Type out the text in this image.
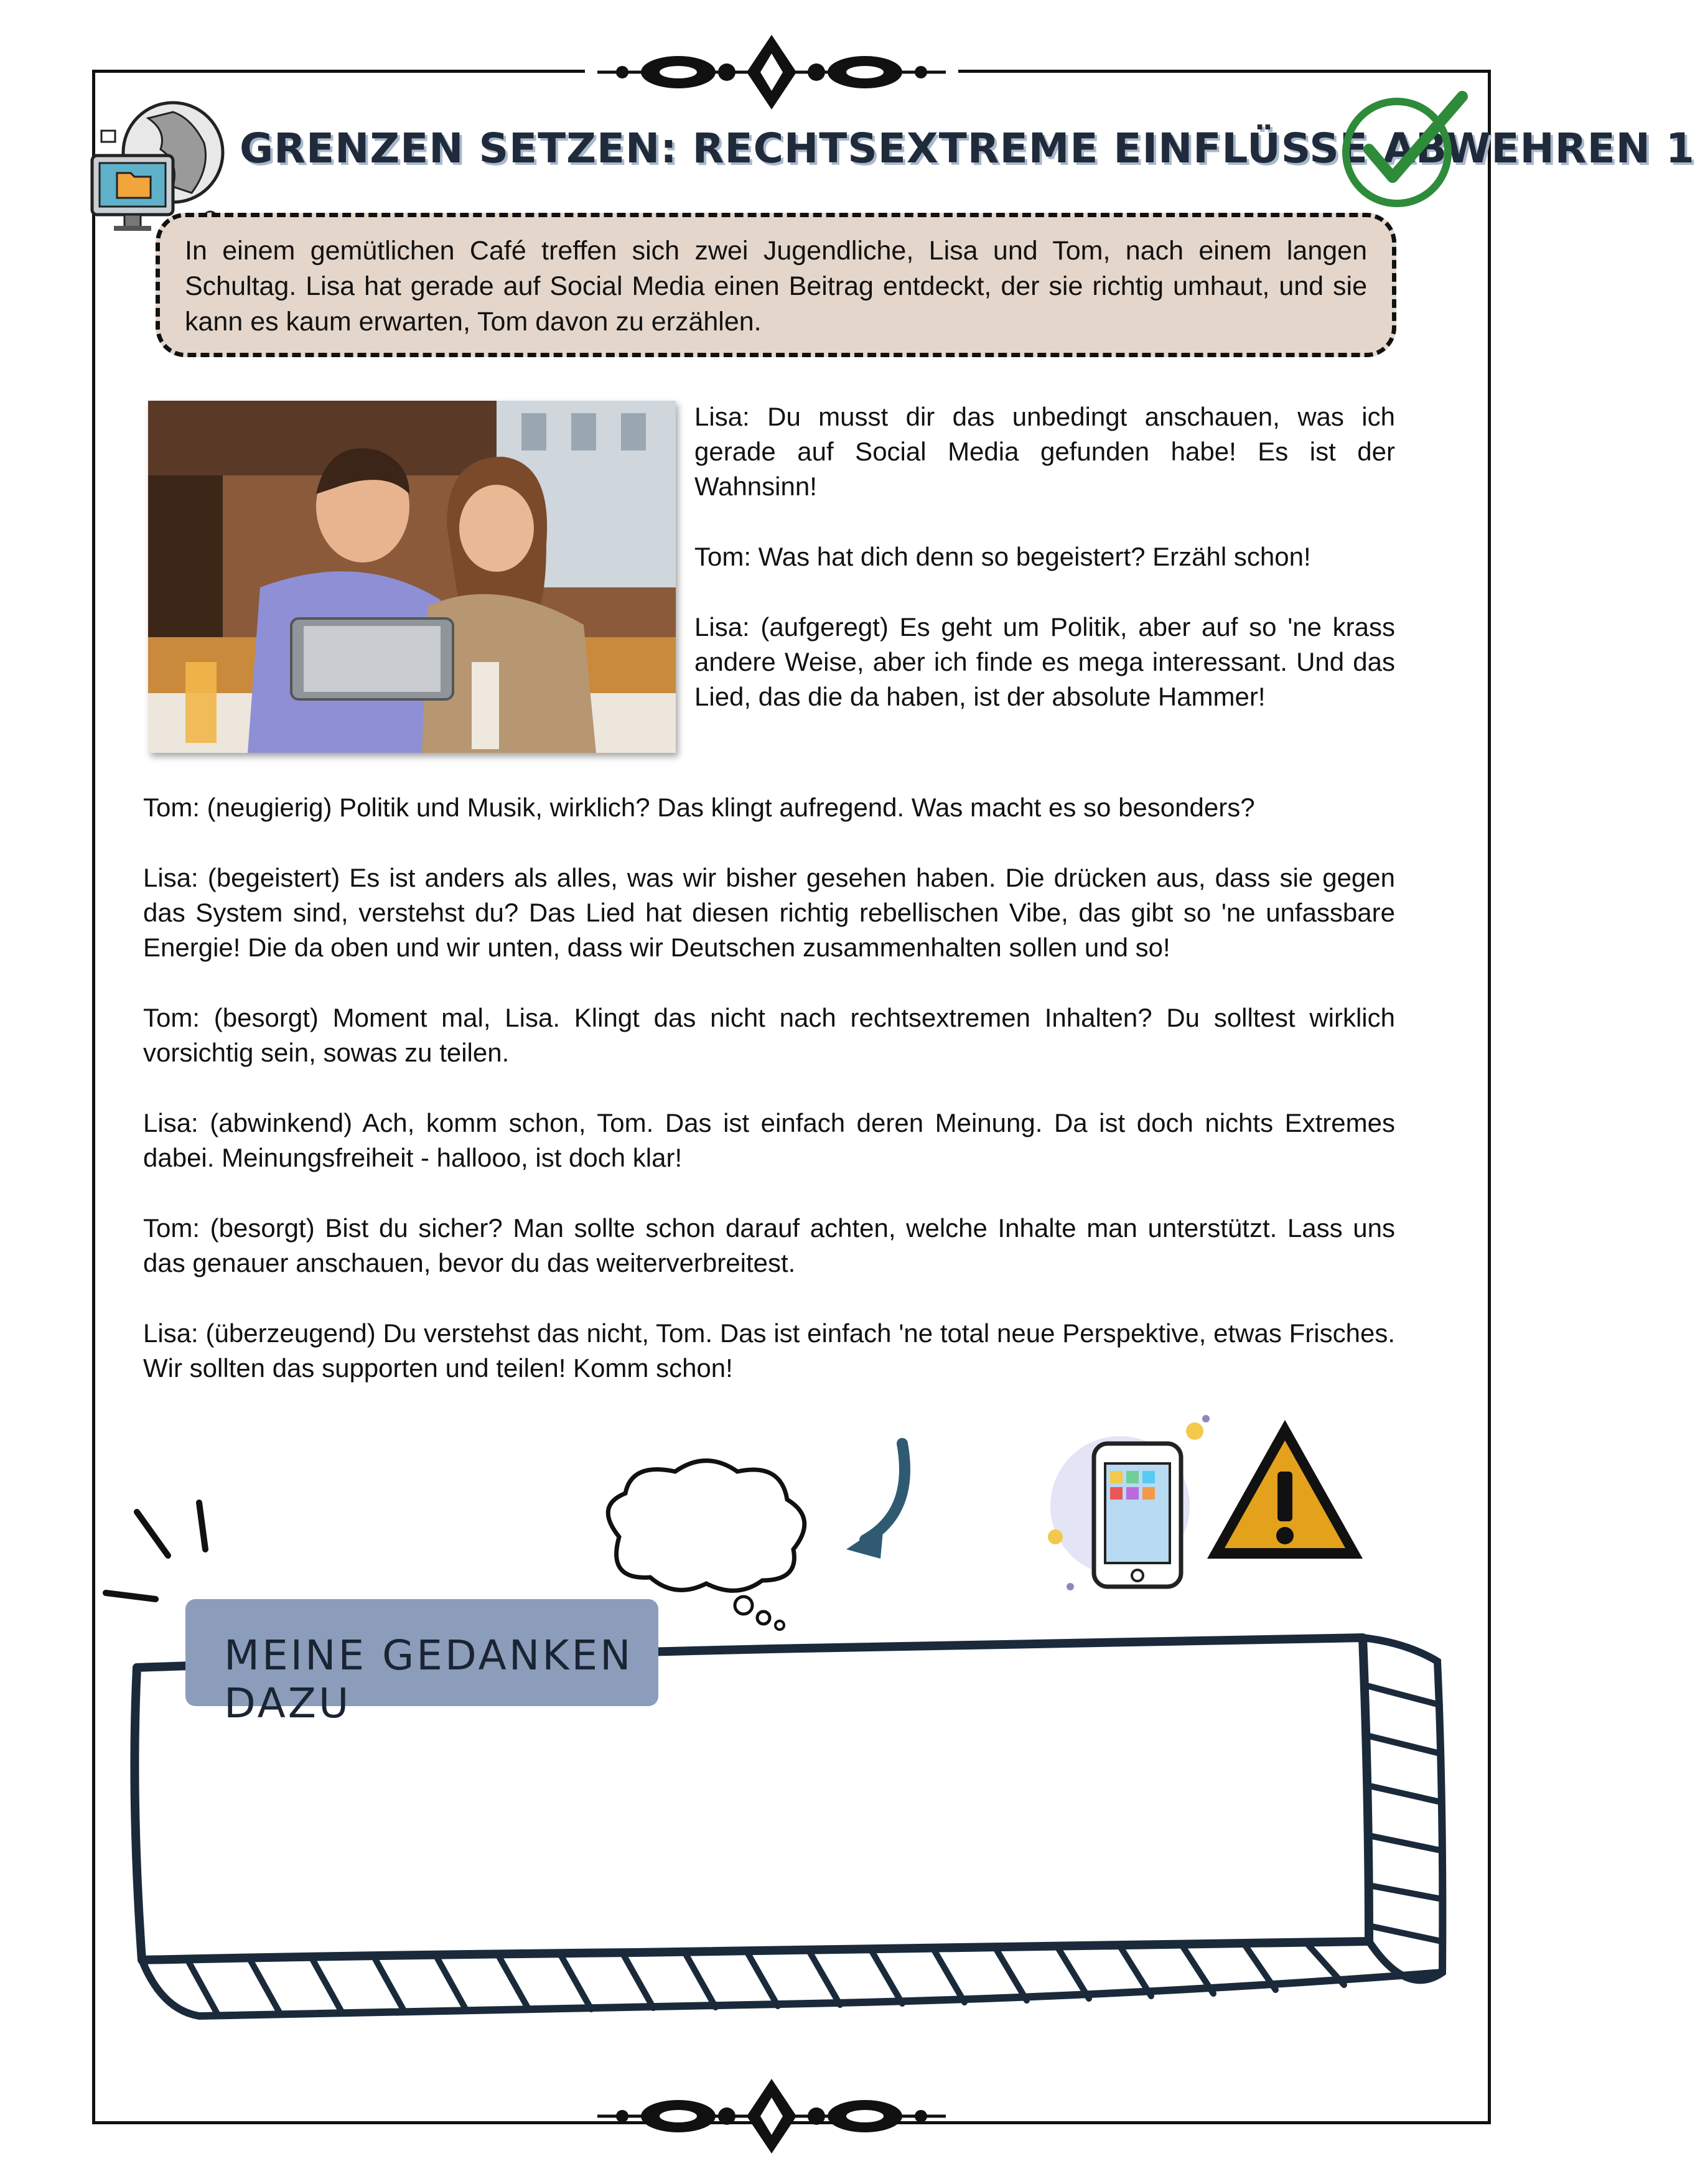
GRENZEN SETZEN: RECHTSEXTREME EINFLÜSSE ABWEHREN 1
In einem gemütlichen Café treffen sich zwei Jugendliche, Lisa und Tom, nach einem langen Schultag. Lisa hat gerade auf Social Media einen Beitrag entdeckt, der sie richtig umhaut, und sie kann es kaum erwarten, Tom davon zu erzählen.

Lisa: Du musst dir das unbedingt anschauen, was ich gerade auf Social Media gefunden habe! Es ist der Wahnsinn!

Tom: Was hat dich denn so begeistert? Erzähl schon!

Lisa: (aufgeregt) Es geht um Politik, aber auf so 'ne krass andere Weise, aber ich finde es mega interessant. Und das Lied, das die da haben, ist der absolute Hammer!

Tom: (neugierig) Politik und Musik, wirklich? Das klingt aufregend. Was macht es so besonders?

Lisa: (begeistert) Es ist anders als alles, was wir bisher gesehen haben. Die drücken aus, dass sie gegen das System sind, verstehst du? Das Lied hat diesen richtig rebellischen Vibe, das gibt so 'ne unfassbare Energie! Die da oben und wir unten, dass wir Deutschen zusammenhalten sollen und so!

Tom: (besorgt) Moment mal, Lisa. Klingt das nicht nach rechtsextremen Inhalten? Du solltest wirklich vorsichtig sein, sowas zu teilen.

Lisa: (abwinkend) Ach, komm schon, Tom. Das ist einfach deren Meinung. Da ist doch nichts Extremes dabei. Meinungsfreiheit - hallooo, ist doch klar!

Tom: (besorgt) Bist du sicher? Man sollte schon darauf achten, welche Inhalte man unterstützt. Lass uns das genauer anschauen, bevor du das weiterverbreitest.

Lisa: (überzeugend) Du verstehst das nicht, Tom. Das ist einfach 'ne total neue Perspektive, etwas Frisches. Wir sollten das supporten und teilen! Komm schon!

MEINE GEDANKEN DAZU
